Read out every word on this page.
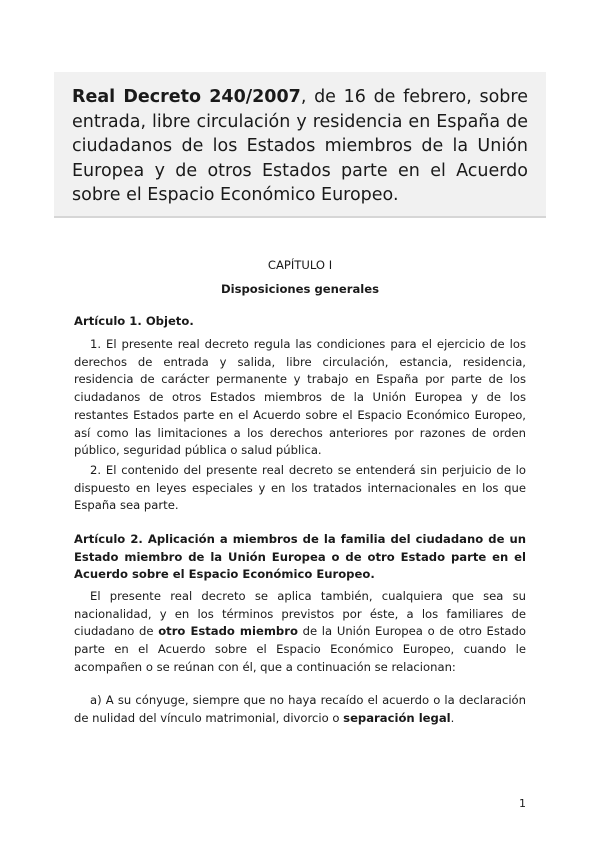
Real Decreto 240/2007, de 16 de febrero, sobre entrada, libre circulación y residencia en España de ciudadanos de los Estados miembros de la Unión Europea y de otros Estados parte en el Acuerdo sobre el Espacio Económico Europeo.
CAPÍTULO I
Disposiciones generales
Artículo 1. Objeto.
1. El presente real decreto regula las condiciones para el ejercicio de los derechos de entrada y salida, libre circulación, estancia, residencia, residencia de carácter permanente y trabajo en España por parte de los ciudadanos de otros Estados miembros de la Unión Europea y de los restantes Estados parte en el Acuerdo sobre el Espacio Económico Europeo, así como las limitaciones a los derechos anteriores por razones de orden público, seguridad pública o salud pública.
2. El contenido del presente real decreto se entenderá sin perjuicio de lo dispuesto en leyes especiales y en los tratados internacionales en los que España sea parte.
Artículo 2. Aplicación a miembros de la familia del ciudadano de un Estado miembro de la Unión Europea o de otro Estado parte en el Acuerdo sobre el Espacio Económico Europeo.
El presente real decreto se aplica también, cualquiera que sea su nacionalidad, y en los términos previstos por éste, a los familiares de ciudadano de otro Estado miembro de la Unión Europea o de otro Estado parte en el Acuerdo sobre el Espacio Económico Europeo, cuando le acompañen o se reúnan con él, que a continuación se relacionan:
a) A su cónyuge, siempre que no haya recaído el acuerdo o la declaración de nulidad del vínculo matrimonial, divorcio o separación legal.
1
